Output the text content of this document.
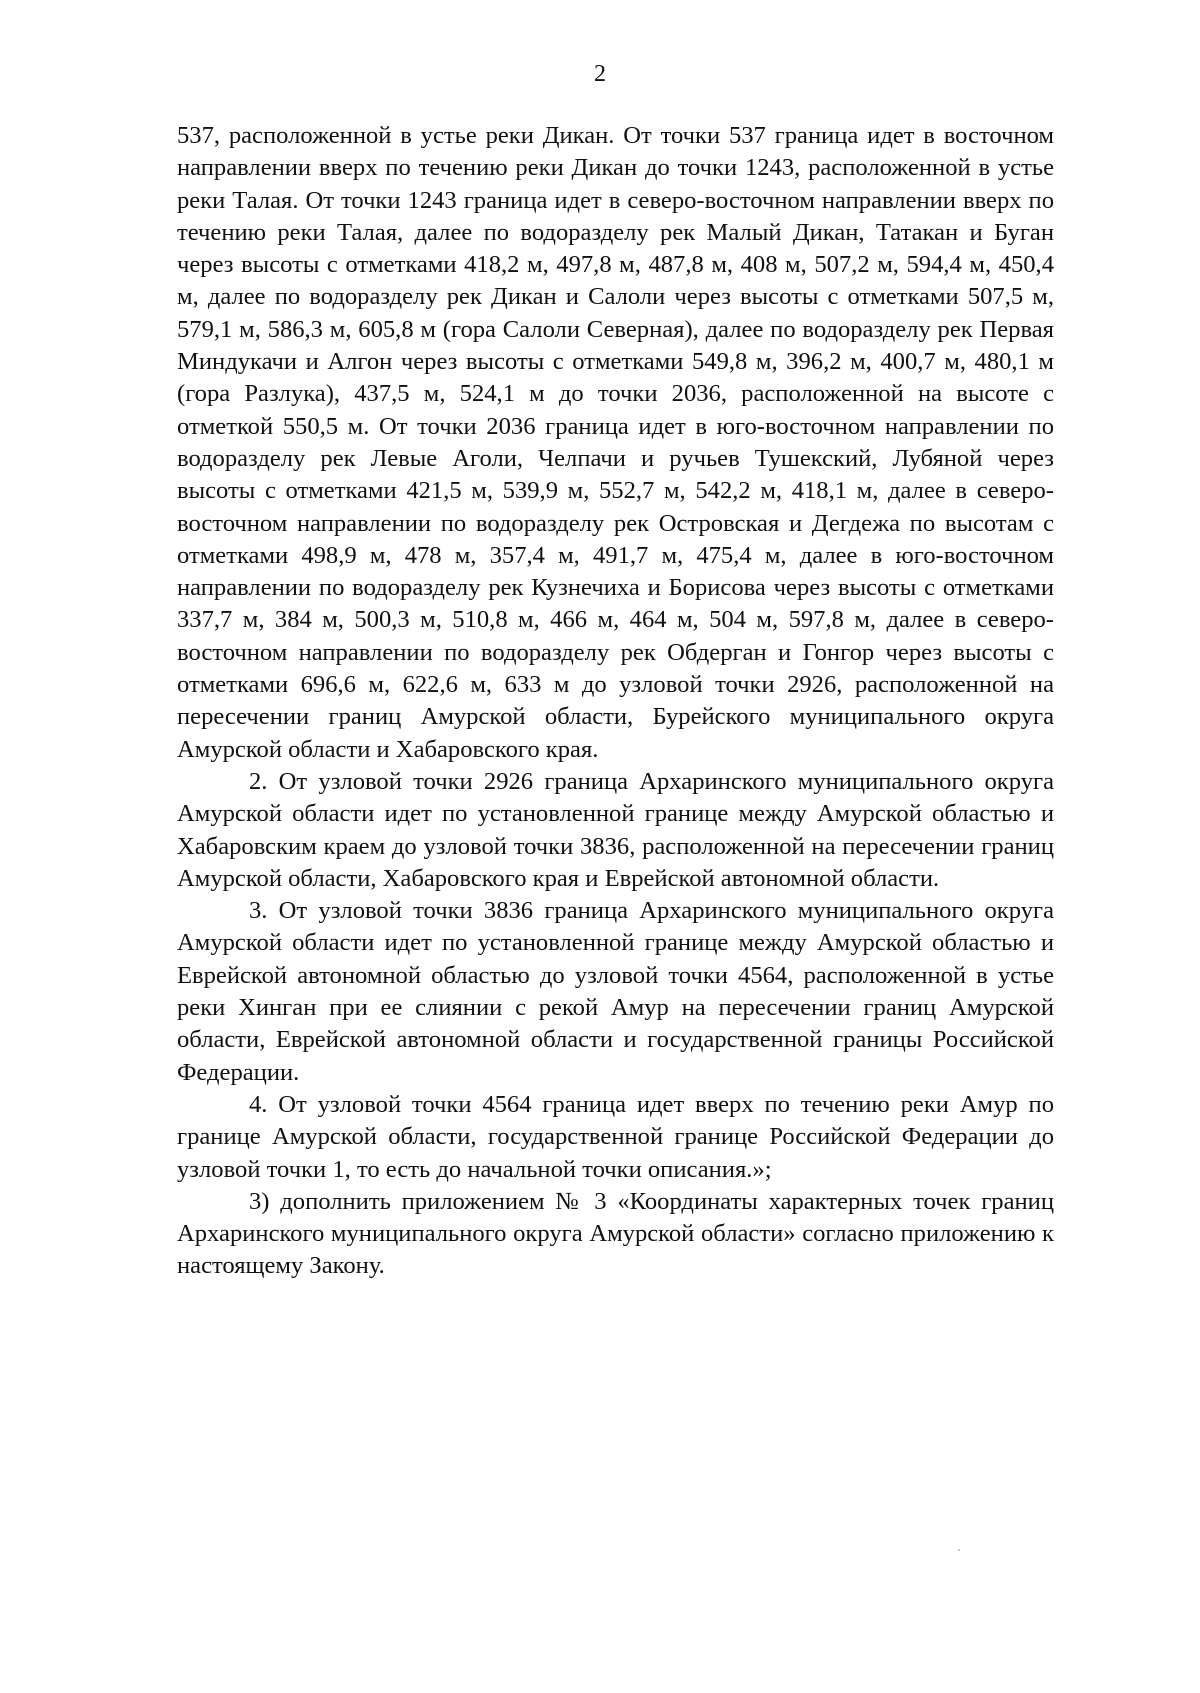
2

537, расположенной в устье реки Дикан. От точки 537 граница идет в восточном направлении вверх по течению реки Дикан до точки 1243, расположенной в устье реки Талая. От точки 1243 граница идет в северо-восточном направлении вверх по течению реки Талая, далее по водоразделу рек Малый Дикан, Татакан и Буган через высоты с отметками 418,2 м, 497,8 м, 487,8 м, 408 м, 507,2 м, 594,4 м, 450,4 м, далее по водоразделу рек Дикан и Салоли через высоты с отметками 507,5 м, 579,1 м, 586,3 м, 605,8 м (гора Салоли Северная), далее по водоразделу рек Первая Миндукачи и Алгон через высоты с отметками 549,8 м, 396,2 м, 400,7 м, 480,1 м (гора Разлука), 437,5 м, 524,1 м до точки 2036, расположенной на высоте с отметкой 550,5 м. От точки 2036 граница идет в юго-восточном направлении по водоразделу рек Левые Аголи, Челпачи и ручьев Тушекский, Лубяной через высоты с отметками 421,5 м, 539,9 м, 552,7 м, 542,2 м, 418,1 м, далее в северо-восточном направлении по водоразделу рек Островская и Дегдежа по высотам с отметками 498,9 м, 478 м, 357,4 м, 491,7 м, 475,4 м, далее в юго-восточном направлении по водоразделу рек Кузнечиха и Борисова через высоты с отметками 337,7 м, 384 м, 500,3 м, 510,8 м, 466 м, 464 м, 504 м, 597,8 м, далее в северо-восточном направлении по водоразделу рек Обдерган и Гонгор через высоты с отметками 696,6 м, 622,6 м, 633 м до узловой точки 2926, расположенной на пересечении границ Амурской области, Бурейского муниципального округа Амурской области и Хабаровского края.

2. От узловой точки 2926 граница Архаринского муниципального округа Амурской области идет по установленной границе между Амурской областью и Хабаровским краем до узловой точки 3836, расположенной на пересечении границ Амурской области, Хабаровского края и Еврейской автономной области.

3. От узловой точки 3836 граница Архаринского муниципального округа Амурской области идет по установленной границе между Амурской областью и Еврейской автономной областью до узловой точки 4564, расположенной в устье реки Хинган при ее слиянии с рекой Амур на пересечении границ Амурской области, Еврейской автономной области и государственной границы Российской Федерации.

4. От узловой точки 4564 граница идет вверх по течению реки Амур по границе Амурской области, государственной границе Российской Федерации до узловой точки 1, то есть до начальной точки описания.»;

3) дополнить приложением № 3 «Координаты характерных точек границ Архаринского муниципального округа Амурской области» согласно приложению к настоящему Закону.
